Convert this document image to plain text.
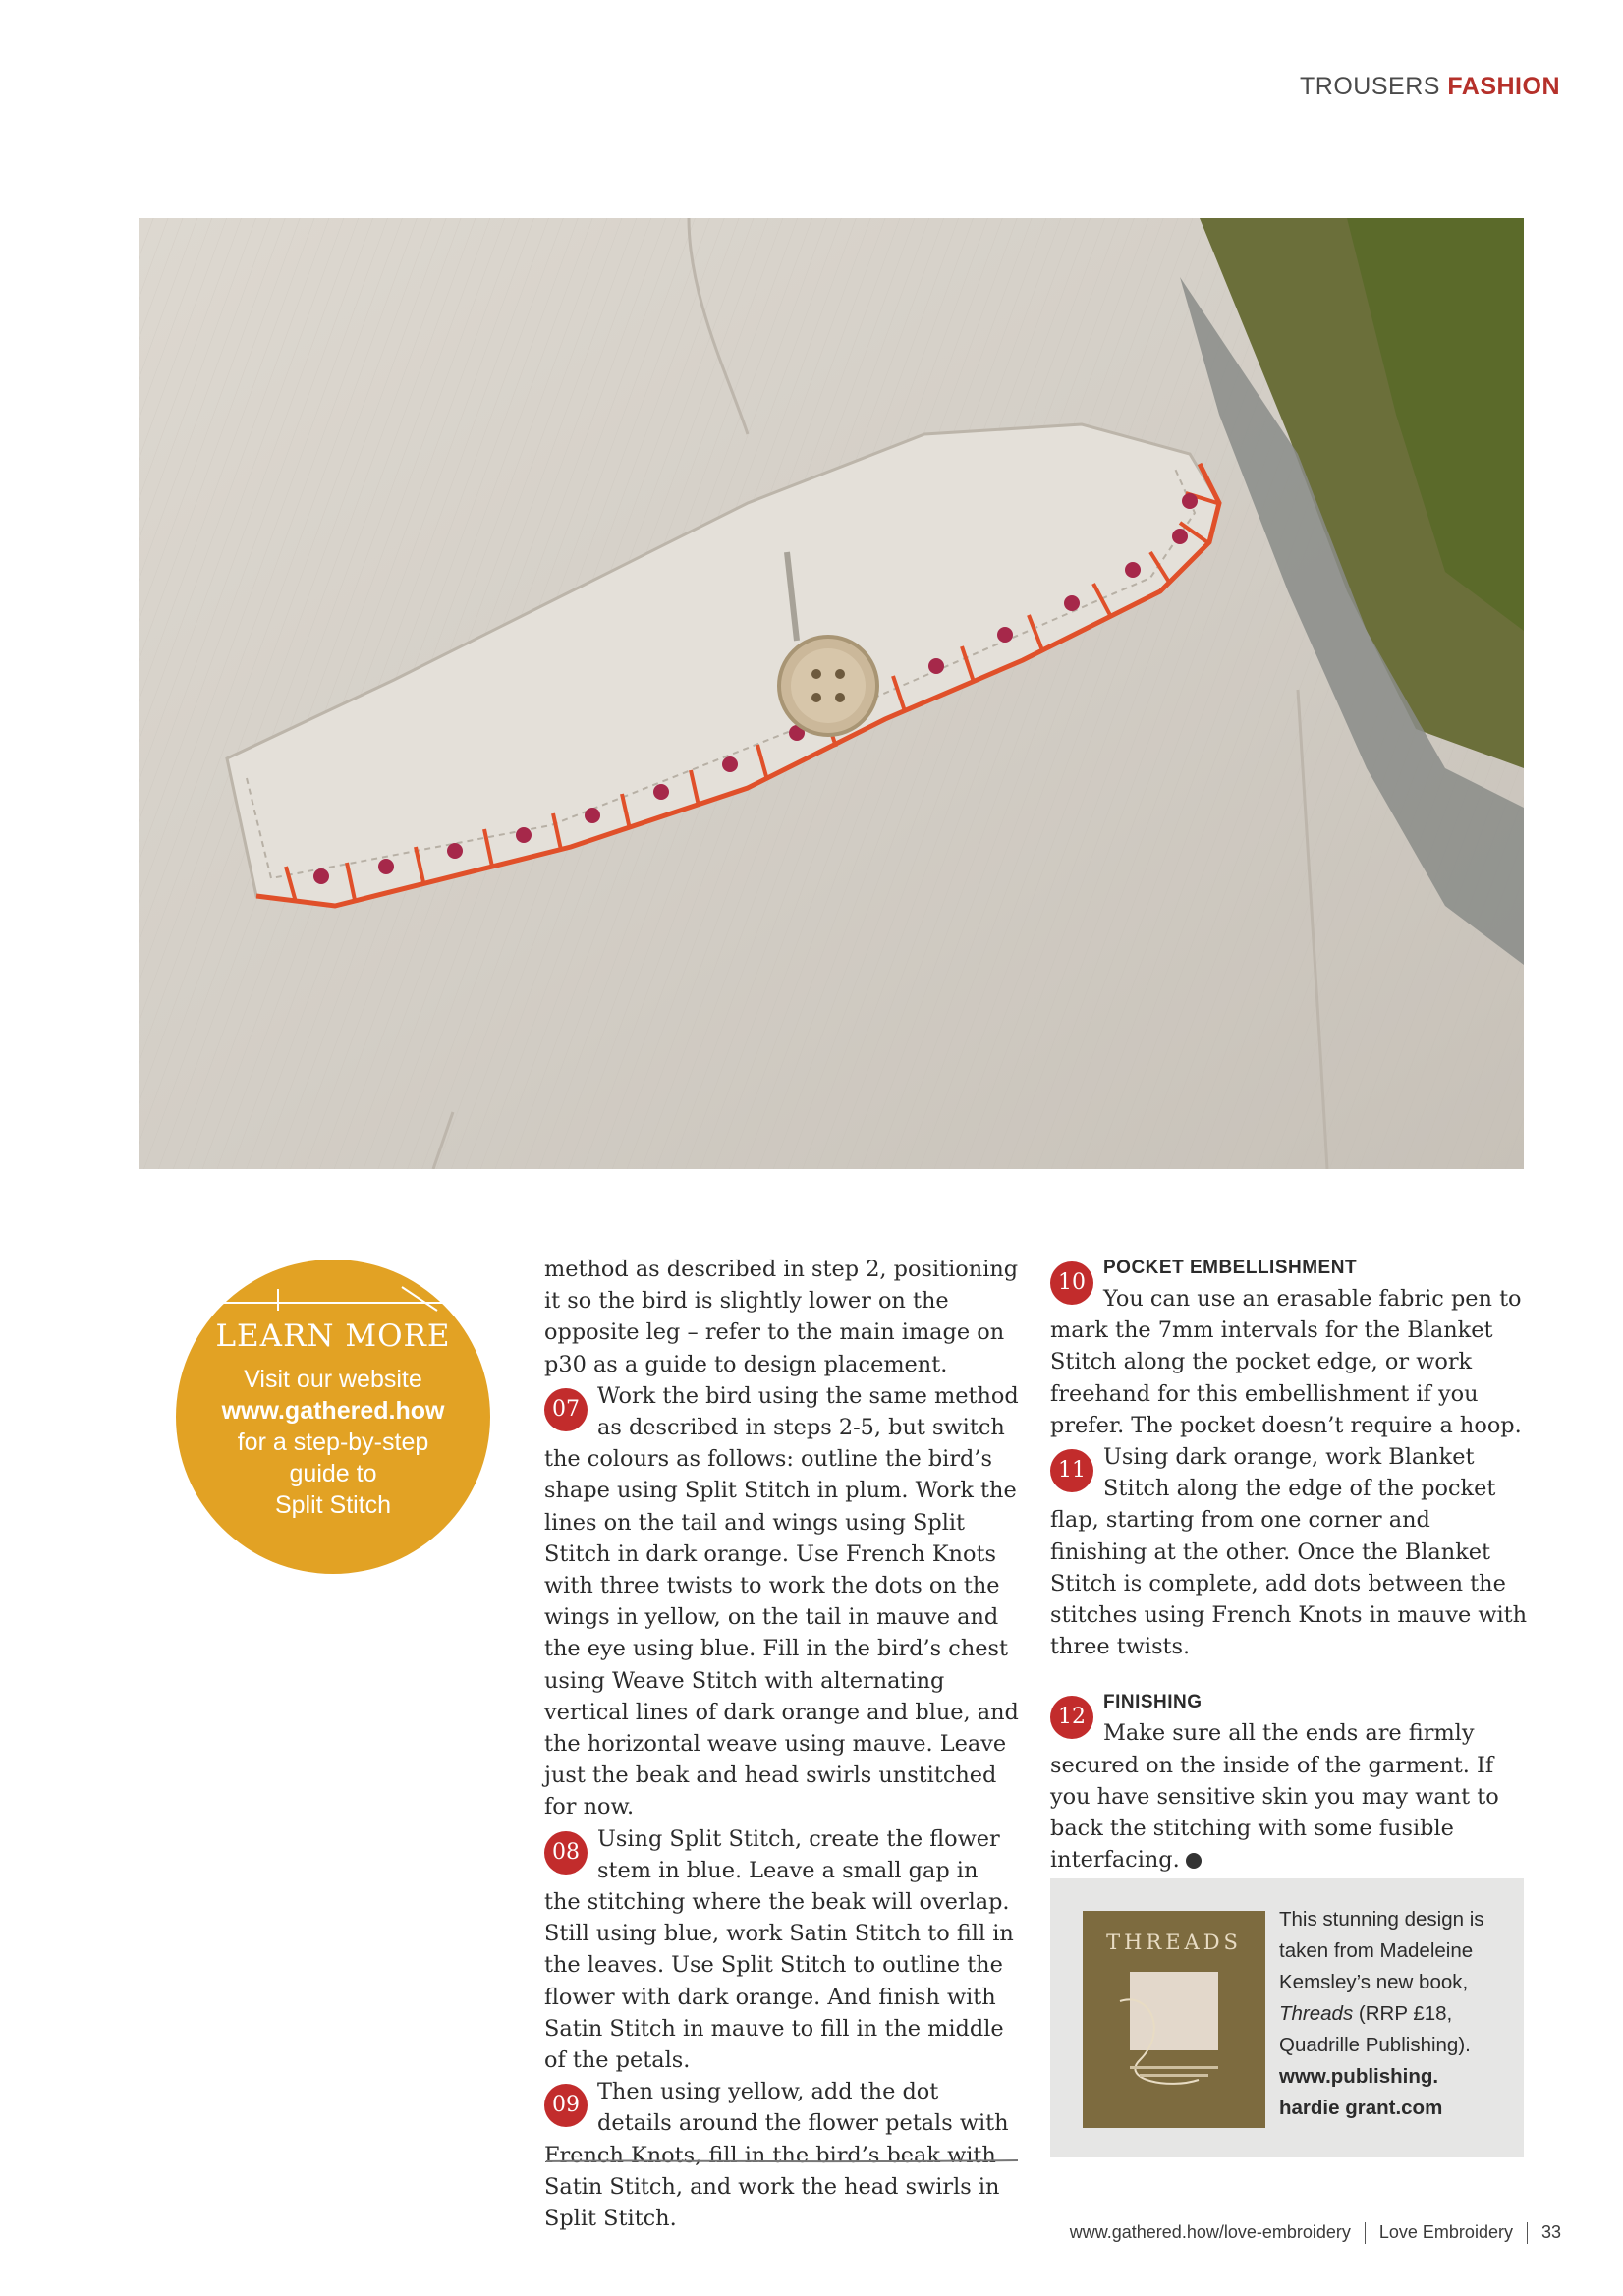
TROUSERS FASHION
LEARN MORE
Visit our website
www.gathered.how
for a step-by-step
guide to
Split Stitch

method as described in step 2, positioning it so the bird is slightly lower on the opposite leg – refer to the main image on p30 as a guide to design placement.

07

Work the bird using the same method as described in steps 2-5, but switch the colours as follows: outline the bird’s shape using Split Stitch in plum. Work the lines on the tail and wings using Split Stitch in dark orange. Use French Knots with three twists to work the dots on the wings in yellow, on the tail in mauve and the eye using blue. Fill in the bird’s chest using Weave Stitch with alternating vertical lines of dark orange and blue, and the horizontal weave using mauve. Leave just the beak and head swirls unstitched for now.

08

Using Split Stitch, create the flower stem in blue. Leave a small gap in the stitching where the beak will overlap. Still using blue, work Satin Stitch to fill in the leaves. Use Split Stitch to outline the flower with dark orange. And finish with Satin Stitch in mauve to fill in the middle of the petals.

09

Then using yellow, add the dot details around the flower petals with French Knots, fill in the bird’s beak with Satin Stitch, and work the head swirls in Split Stitch.

10
POCKET EMBELLISHMENT

You can use an erasable fabric pen to mark the 7mm intervals for the Blanket Stitch along the pocket edge, or work freehand for this embellishment if you prefer. The pocket doesn’t require a hoop.

11

Using dark orange, work Blanket Stitch along the edge of the pocket flap, starting from one corner and finishing at the other. Once the Blanket Stitch is complete, add dots between the stitches using French Knots in mauve with three twists.

12
FINISHING

Make sure all the ends are firmly secured on the inside of the garment. If you have sensitive skin you may want to back the stitching with some fusible interfacing.

THREADS
This stunning design is
taken from Madeleine
Kemsley’s new book,
Threads (RRP £18,
Quadrille Publishing).
www.publishing.
hardie grant.com
www.gathered.how/love-embroidery Love Embroidery 33
